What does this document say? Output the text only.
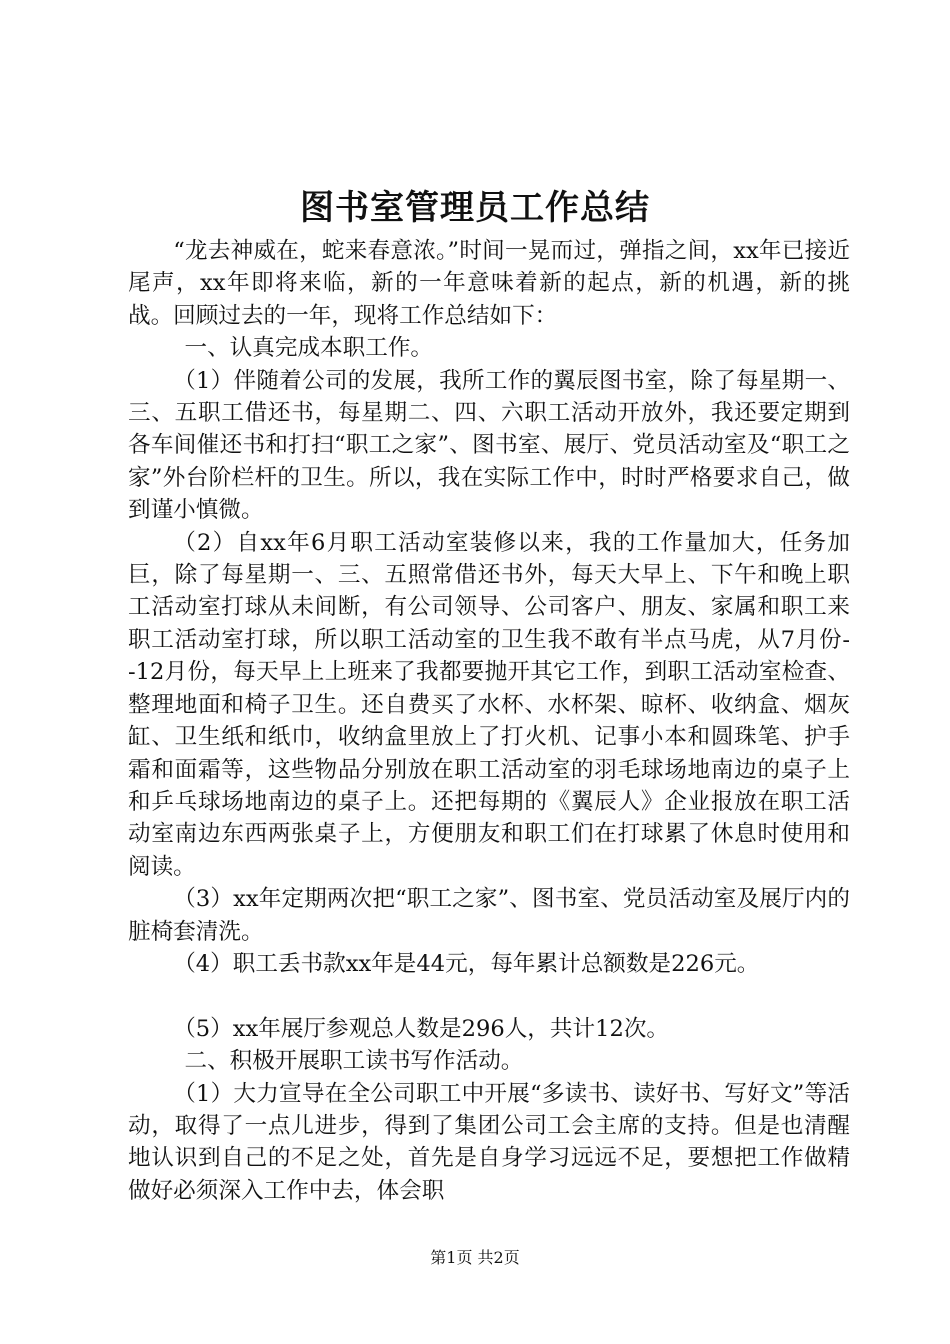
图书室管理员工作总结

“龙去神威在，蛇来春意浓。”时间一晃而过，弹指之间，xx年已接近尾声，xx年即将来临，新的一年意味着新的起点，新的机遇，新的挑战。回顾过去的一年，现将工作总结如下：

一、认真完成本职工作。

（1）伴随着公司的发展，我所工作的翼辰图书室，除了每星期一、三、五职工借还书，每星期二、四、六职工活动开放外，我还要定期到各车间催还书和打扫“职工之家”、图书室、展厅、党员活动室及“职工之家”外台阶栏杆的卫生。所以，我在实际工作中，时时严格要求自己，做到谨小慎微。

（2）自xx年6月职工活动室装修以来，我的工作量加大，任务加巨，除了每星期一、三、五照常借还书外，每天大早上、下午和晚上职工活动室打球从未间断，有公司领导、公司客户、朋友、家属和职工来职工活动室打球，所以职工活动室的卫生我不敢有半点马虎，从7月份--12月份，每天早上上班来了我都要抛开其它工作，到职工活动室检查、整理地面和椅子卫生。还自费买了水杯、水杯架、晾杯、收纳盒、烟灰缸、卫生纸和纸巾，收纳盒里放上了打火机、记事小本和圆珠笔、护手霜和面霜等，这些物品分别放在职工活动室的羽毛球场地南边的桌子上和乒乓球场地南边的桌子上。还把每期的《翼辰人》企业报放在职工活动室南边东西两张桌子上，方便朋友和职工们在打球累了休息时使用和阅读。

（3）xx年定期两次把“职工之家”、图书室、党员活动室及展厅内的脏椅套清洗。

（4）职工丢书款xx年是44元，每年累计总额数是226元。

（5）xx年展厅参观总人数是296人，共计12次。

二、积极开展职工读书写作活动。

（1）大力宣导在全公司职工中开展“多读书、读好书、写好文”等活动，取得了一点儿进步，得到了集团公司工会主席的支持。但是也清醒地认识到自己的不足之处，首先是自身学习远远不足，要想把工作做精做好必须深入工作中去，体会职

第1页 共2页
